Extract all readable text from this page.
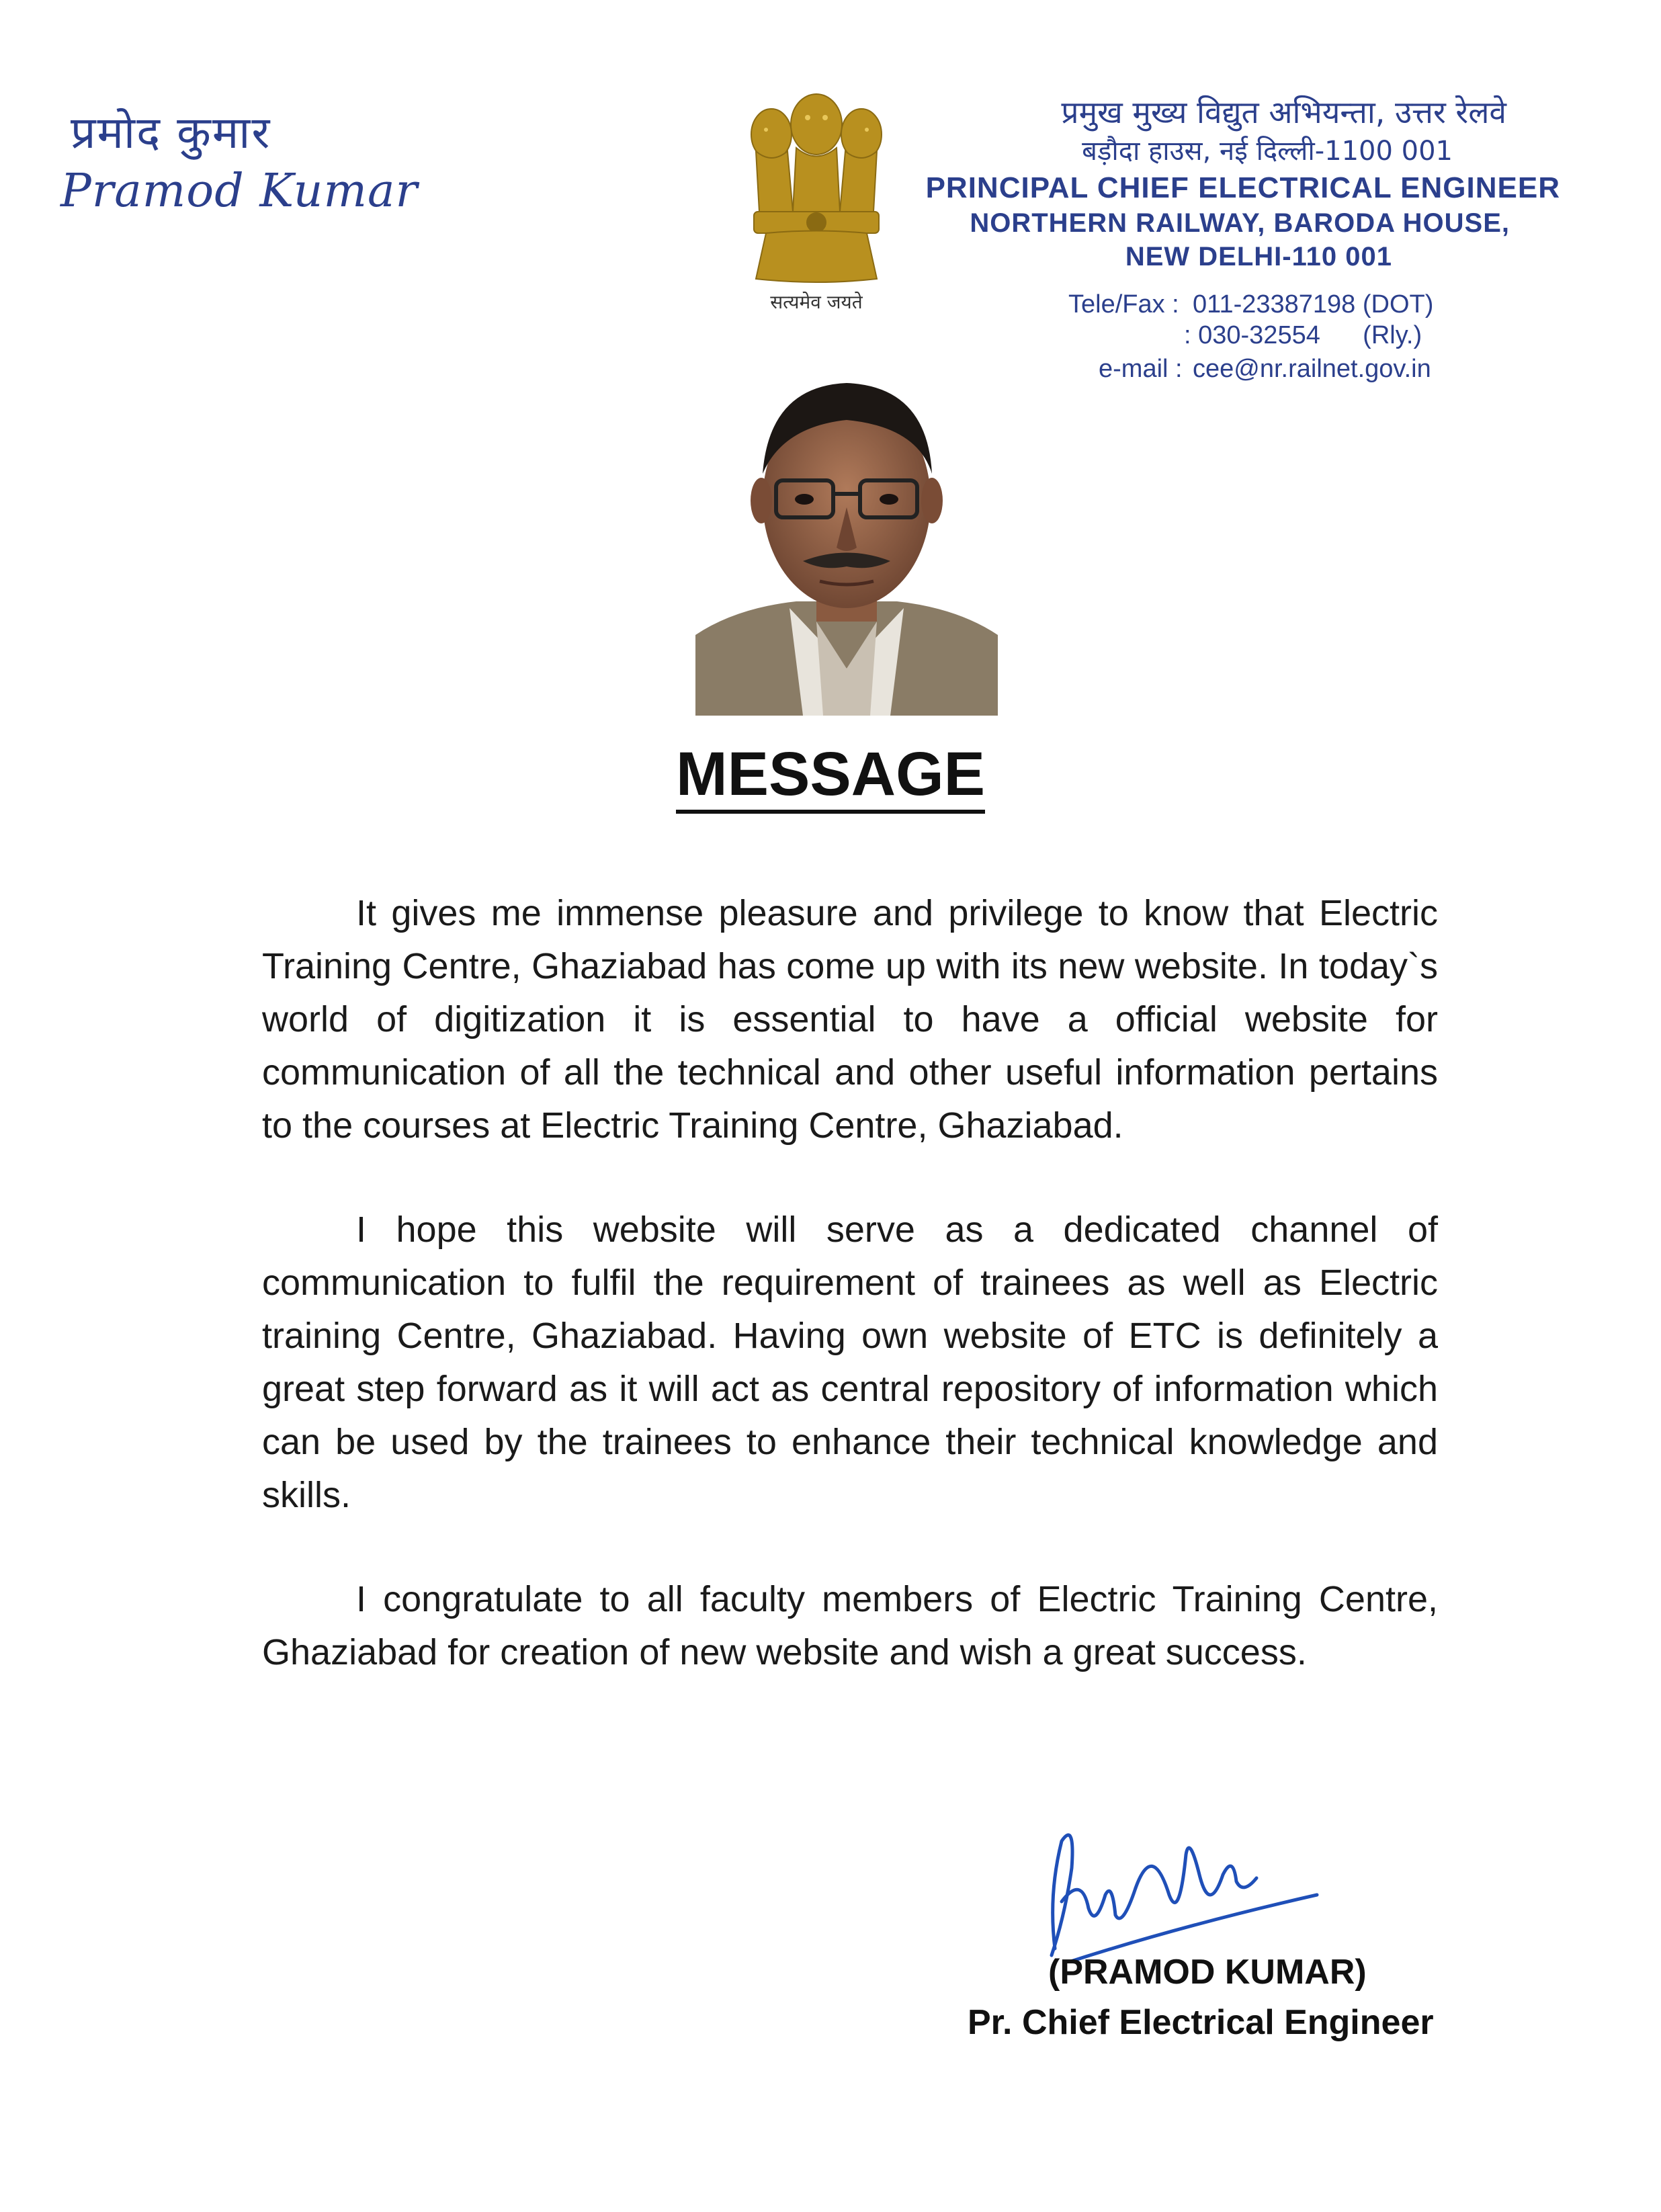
प्रमोद कुमार
Pramod Kumar
सत्यमेव जयते
प्रमुख मुख्य विद्युत अभियन्ता, उत्तर रेलवे
बड़ौदा हाउस, नई दिल्ली-1100 001
PRINCIPAL CHIEF ELECTRICAL ENGINEER
NORTHERN RAILWAY, BARODA HOUSE,
NEW DELHI-110 001
Tele/Fax : 011-23387198 (DOT)
: 030-32554      (Rly.)
e-mail : cee@nr.railnet.gov.in
MESSAGE

It gives me immense pleasure and privilege to know that Electric Training Centre, Ghaziabad has come up with its new website. In today`s world of digitization it is essential to have a official website for communication of all the technical and other useful information pertains to the courses at Electric Training Centre, Ghaziabad.

I hope this website will serve as a dedicated channel of communication to fulfil the requirement of trainees as well as Electric training Centre, Ghaziabad. Having own website of ETC is definitely a great step forward as it will act as central repository of information which can be used by the trainees to enhance their technical knowledge and skills.

I congratulate to all faculty members of Electric Training Centre, Ghaziabad for creation of new website and wish a great success.

(PRAMOD KUMAR)
Pr. Chief Electrical Engineer
